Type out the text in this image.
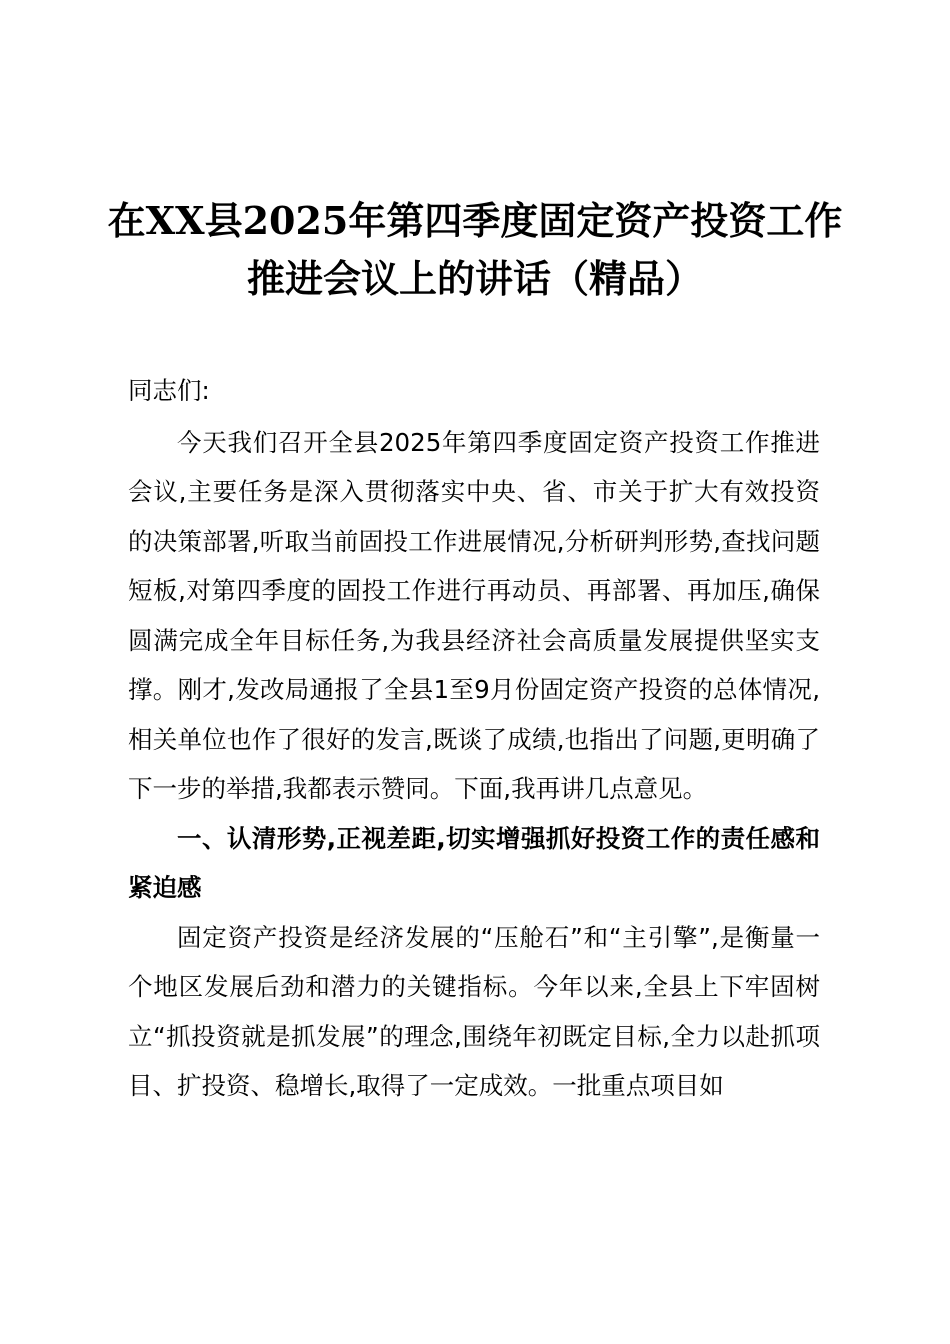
在XX县2025年第四季度固定资产投资工作推进会议上的讲话（精品）

同志们:

今天我们召开全县2025年第四季度固定资产投资工作推进会议,主要任务是深入贯彻落实中央、省、市关于扩大有效投资的决策部署,听取当前固投工作进展情况,分析研判形势,查找问题短板,对第四季度的固投工作进行再动员、再部署、再加压,确保圆满完成全年目标任务,为我县经济社会高质量发展提供坚实支撑。刚才,发改局通报了全县1至9月份固定资产投资的总体情况,相关单位也作了很好的发言,既谈了成绩,也指出了问题,更明确了下一步的举措,我都表示赞同。下面,我再讲几点意见。

一、认清形势,正视差距,切实增强抓好投资工作的责任感和紧迫感

固定资产投资是经济发展的“压舱石”和“主引擎”,是衡量一个地区发展后劲和潜力的关键指标。今年以来,全县上下牢固树立“抓投资就是抓发展”的理念,围绕年初既定目标,全力以赴抓项目、扩投资、稳增长,取得了一定成效。一批重点项目如
